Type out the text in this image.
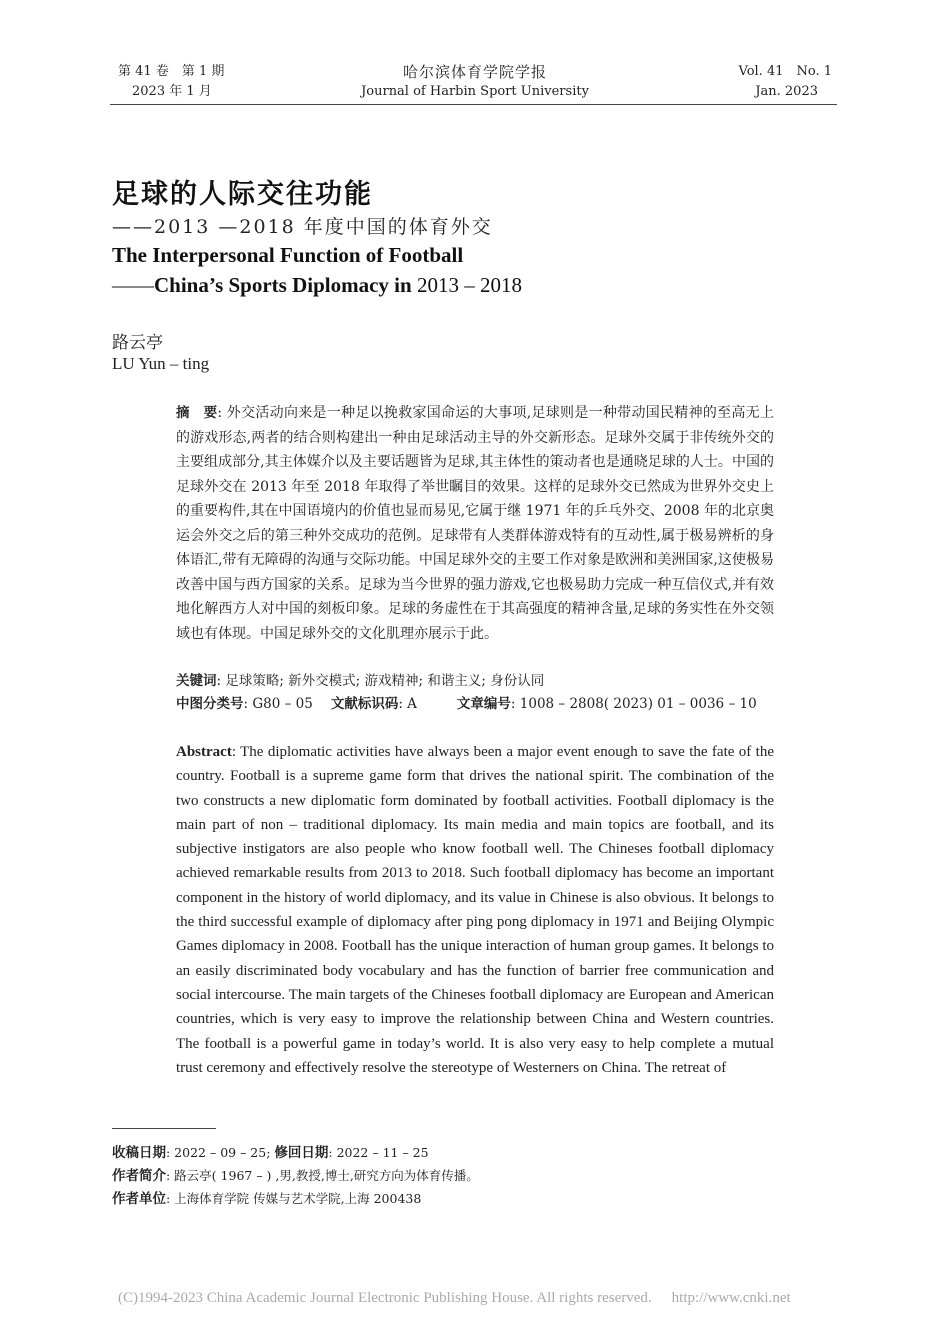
第 41 卷　第 1 期
2023 年 1 月
哈尔滨体育学院学报
Journal of Harbin Sport University
Vol. 41　No. 1
Jan. 2023
足球的人际交往功能
——2013 —2018 年度中国的体育外交
The Interpersonal Function of Football
——China’s Sports Diplomacy in 2013 – 2018
路云亭
LU Yun – ting
摘　要: 外交活动向来是一种足以挽救家国命运的大事项,足球则是一种带动国民精神的至高无上的游戏形态,两者的结合则构建出一种由足球活动主导的外交新形态。足球外交属于非传统外交的主要组成部分,其主体媒介以及主要话题皆为足球,其主体性的策动者也是通晓足球的人士。中国的足球外交在 2013 年至 2018 年取得了举世瞩目的效果。这样的足球外交已然成为世界外交史上的重要构件,其在中国语境内的价值也显而易见,它属于继 1971 年的乒乓外交、2008 年的北京奥运会外交之后的第三种外交成功的范例。足球带有人类群体游戏特有的互动性,属于极易辨析的身体语汇,带有无障碍的沟通与交际功能。中国足球外交的主要工作对象是欧洲和美洲国家,这使极易改善中国与西方国家的关系。足球为当今世界的强力游戏,它也极易助力完成一种互信仪式,并有效地化解西方人对中国的刻板印象。足球的务虚性在于其高强度的精神含量,足球的务实性在外交领域也有体现。中国足球外交的文化肌理亦展示于此。
关键词: 足球策略; 新外交模式; 游戏精神; 和谐主义; 身份认同
中图分类号: G80 – 05 文献标识码: A	文章编号: 1008 – 2808( 2023) 01 – 0036 – 10
Abstract: The diplomatic activities have always been a major event enough to save the fate of the country. Football is a supreme game form that drives the national spirit. The combination of the two constructs a new diplomatic form dominated by football activities. Football diplomacy is the main part of non – traditional diplomacy. Its main media and main topics are football, and its subjective instigators are also people who know football well. The Chineses football diplomacy achieved remarkable results from 2013 to 2018. Such football diplomacy has become an important component in the history of world diplomacy, and its value in Chinese is also obvious. It belongs to the third successful example of diplomacy after ping pong diplomacy in 1971 and Beijing Olympic Games diplomacy in 2008. Football has the unique interaction of human group games. It belongs to an easily discriminated body vocabulary and has the function of barrier free communication and social intercourse. The main targets of the Chineses football diplomacy are European and American countries, which is very easy to improve the relationship between China and Western countries. The football is a powerful game in today’s world. It is also very easy to help complete a mutual trust ceremony and effectively resolve the stereotype of Westerners on China. The retreat of
收稿日期: 2022 – 09 – 25; 修回日期: 2022 – 11 – 25
作者简介: 路云亭( 1967 – ) ,男,教授,博士,研究方向为体育传播。
作者单位: 上海体育学院 传媒与艺术学院,上海 200438
(C)1994-2023 China Academic Journal Electronic Publishing House. All rights reserved. http://www.cnki.net
